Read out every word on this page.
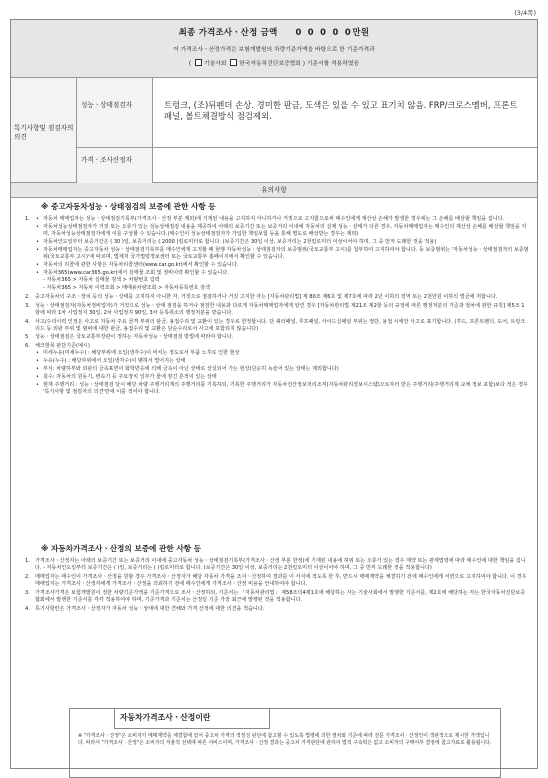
(3/4쪽)
최종 가격조사ㆍ산정 금액 0 0 0 0 0만원
이 가격조사ㆍ산정가격은 보험개발원의 차량기준가액을 바탕으로 한 기준가격과
( 기술사회 한국자동차진단보증협회 ) 기준서를 적용하였음
특기사항및 점검자의 의견
성능ㆍ상태점검자	트렁크, (조)뒤펜더 손상. 경미한 판금, 도색은 있을 수 있고 표기치 않음. FRP/크로스멤버, 프론트 패널, 볼트체결방식 점검제외.
가격ㆍ조사산정자
유의사항
※ 중고자동차성능ㆍ상태점검의 보증에 관한 사항 등
1. • 자동차 매매업자는 성능ㆍ상태점검기록부(가격조사ㆍ산정 부분 제외)에 기재된 내용을 고지하지 아니하거나 거짓으로 고지함으로써 매수인에게 재산상 손해가 발생한 경우에는 그 손해를 배상할 책임을 집니다.
• 자동차성능상태점검자가 거짓 또는 오류가 있는 성능상태점검 내용을 제공하여 아래의 보증기간 또는 보증거리 이내에 자동차의 실제 성능ㆍ상태가 다른 경우, 자동차매매업자는 매수인의 재산상 손해를 배상할 책임을 지며, 자동차성능상태점검자에게 이를 구상할 수 있습니다.(매수인이 성능상태점검자가 가입한 책임보험 등을 통해 별도로 배상받는 경우는 제외)
• 자동차인도일부터 보증기간은 ( 30 )일, 보증거리는 ( 2000 )킬로미터로 합니다. (보증기간은 30일 이상, 보증거리는 2천킬로미터 이상이어야 하며, 그 중 먼저 도래한 것을 적용)
• 자동차매매업자는 중고자동차 성능ㆍ상태점검기록부를 매수인에게 고지할 때 현행 자동차성능ㆍ상태점검자의 보증범위(국토교통부 고시)를 첨부하여 고지하여야 합니다. 동 보증범위는 '자동차성능ㆍ상태점검자의 보증범위(국토교통부 고시)'에 따르며, 법제처 국가법령정보센터 또는 국토교통부 홈페이지에서 확인할 수 있습니다.
• 자동차의 리콜에 관한 사항은 자동차리콜센터(www.car.go.kr)에서 확인할 수 있습니다.
• 자동차365(www.car365.go.kr)에서 실매물 조회 및 정비이력 확인할 수 있습니다.
- 자동차365 > 자동차 실매물 검색 > 차량번호 입력
- 자동차365 > 자동차 이력조회 > 매매용차량조회 > 자동차등록번호 검색
2. 중고자동차의 구조ㆍ장치 등의 성능ㆍ상태를 고지하지 아니한 자, 거짓으로 점검하거나 거짓 고지한 자는 [자동차관리법] 제 80조 제6호 및 제7호에 따라 2년 이하의 징역 또는 2천만원 이하의 벌금에 처합니다.

3. 성능ㆍ상태점검자(자동차정비업자)가 거짓으로 성능ㆍ상태 점검을 하거나 점검한 내용과 다르게 자동차매매업자에게 알린 경우 [자동차관리법 제21조 제2항 등의 규정에 따른 행정처분의 기준과 절차에 관한 규칙] 제5조 1항에 따라 1차 사업정지 30일, 2차 사업정지 90일, 3차 등록취소의 행정처분을 받습니다.

4. 사고/수리이력 인정은 사고로 자동차 주요 골격 부위의 판금, 용접수리 및 교환이 있는 경우로 한정합니다. 단 쿼터패널, 루프패널, 사이드실패널 부위는 절단, 용접 시에만 사고로 표기합니다. (후드, 프론트펜더, 도어, 트렁크리드 등 외판 부위 및 범퍼에 대한 판금, 용접수리 및 교환은 단순수리로서 사고에 포함되지 않습니다)

5. 성능ㆍ상태점검은 국토교통부장관이 정하는 자동차성능ㆍ상태점검 방법에 따라야 합니다.

6. 체크항목 판단기준(예시)

• 미세누유(미세누수) : 해당부위에 오일(냉각수)이 비치는 정도로서 부품 노후로 인한 현상
• 누유(누수) : 해당부위에서 오일(냉각수)이 맺혀서 떨어지는 상태
• 부식: 차량하부와 외판의 금속표면이 화학반응에 의해 금속이 아닌 상태로 상실되어 가는 현상(단순히 녹슬어 있는 상태는 제외합니다)
• 침수: 자동차의 원동기, 변속기 등 주요장치 일부가 물에 잠긴 흔적이 있는 상태
• 현재 주행거리 : 성능ㆍ상태점검 당시 해당 차량 주행거리계의 주행거리를 기록하되, 기록한 주행거리가 자동차전산정보처리조직(자동차관리정보시스템)으로부터 받은 주행거리(주행거리계 교체 정보 포함)보다 적은 경우 '특기사항 및 점검자의 의견'란에 이를 적어야 합니다.
※ 자동차가격조사ㆍ산정의 보증에 관한 사항 등
1. 가격조사ㆍ산정자는 아래의 보증기간 또는 보증거리 이내에 중고자동차 성능ㆍ상태점검기록부(가격조사ㆍ산정 부분 한정)에 기재된 내용에 허위 또는 오류가 있는 경우 계약 또는 관계법령에 따라 매수인에 대한 책임을 집니다. - 자동차인도일부터 보증기간은 ( )일, 보증거리는 ( )킬로미터로 합니다. (보증기간은 30일 이상, 보증거리는 2천킬로미터 이상이어야 하며, 그 중 먼저 도래한 것을 적용합니다)

2. 매매업자는 매수인이 가격조사ㆍ산정을 원할 경우 가격조사ㆍ산정자가 해당 자동차 가격을 조사ㆍ산정하여 결과를 이 서식에 적도록 한 후, 반드시 매매계약을 체결하기 전에 매수인에게 서면으로 고지하여야 합니다. 이 경우 매매업자는 가격조사ㆍ산정자에게 가격조사ㆍ산정을 의뢰하기 전에 매수인에게 가격조사ㆍ산정 비용을 안내하여야 합니다.

3. 가격조사가격은 보험개발원이 정한 차량기준가액을 기준가격으로 조사ㆍ산정하되, 기준서는 「자동차관리법」 제58조의4제1호에 해당하는 자는 기술사회에서 발행한 기준서를, 제2호에 해당하는 자는 한국자동차진단보증협회에서 발행한 기준서를 각각 적용하여야 하며, 기준가격과 기준서는 산정일 기준 가장 최근에 발행된 것을 적용합니다.

4. 특기사항란은 가격조사ㆍ산정자가 자동차 성능ㆍ상태에 대한 견해와 가격 산정에 대한 의견을 적습니다.

자동차가격조사ㆍ산정이란
※ "가격조사ㆍ산정"은 소비자가 매매계약을 체결함에 있어 중고차 가격의 적정성 판단에 참고할 수 있도록 법령에 의한 절차와 기준에 따라 전문 가격조사ㆍ산정인이 객관적으로 제시한 가액입니다. 따라서 "가격조사ㆍ산정"은 소비자의 자율적 선택에 따른 서비스이며, 가격조사ㆍ산정 결과는 중고차 가격판단에 관하여 법적 구속력은 없고 소비자의 구매여부 결정에 참고자료로 활용됩니다.
